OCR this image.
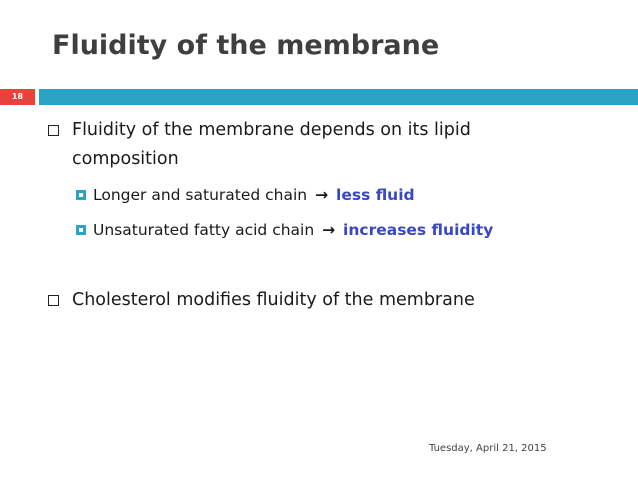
Fluidity of the membrane
18
Fluidity of the membrane depends on its lipid
composition
Longer and saturated chain → less fluid
Unsaturated fatty acid chain → increases fluidity
Cholesterol modifies fluidity of the membrane
Tuesday, April 21, 2015
